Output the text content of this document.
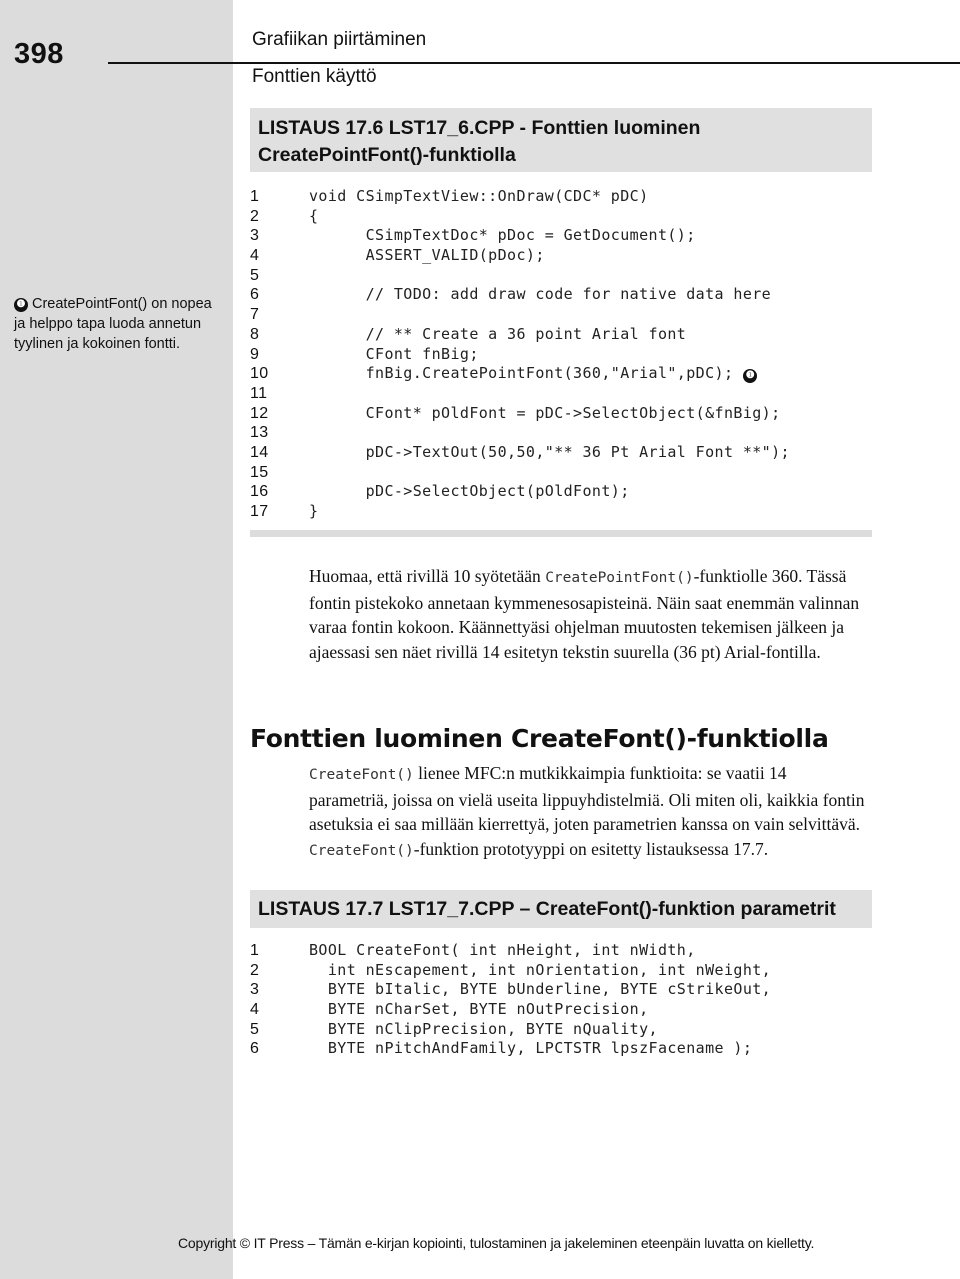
398	Grafiikan piirtäminen
Fonttien käyttö
❶ CreatePointFont() on nopea ja helppo tapa luoda annetun tyylinen ja kokoinen fontti.
LISTAUS 17.6 LST17_6.CPP - Fonttien luominen
CreatePointFont()-funktiolla
1	void CSimpTextView::OnDraw(CDC* pDC)
2	{
3	CSimpTextDoc* pDoc = GetDocument();
4	ASSERT_VALID(pDoc);
5
6	// TODO: add draw code for native data here
7
8	// ** Create a 36 point Arial font
9	CFont fnBig;
10	fnBig.CreatePointFont(360,"Arial",pDC); ❶
11
12	CFont* pOldFont = pDC->SelectObject(&fnBig);
13
14	pDC->TextOut(50,50,"** 36 Pt Arial Font **");
15
16	pDC->SelectObject(pOldFont);
17	}
Huomaa, että rivillä 10 syötetään CreatePointFont()-funktiolle 360. Tässä fontin pistekoko annetaan kymmenesosapisteinä. Näin saat enemmän valinnan varaa fontin kokoon. Käännettyäsi ohjelman muutosten tekemisen jälkeen ja ajaessasi sen näet rivillä 14 esitetyn tekstin suurella (36 pt) Arial-fontilla.
Fonttien luominen CreateFont()-funktiolla
CreateFont() lienee MFC:n mutkikkaimpia funktioita: se vaatii 14 parametriä, joissa on vielä useita lippuyhdistelmiä. Oli miten oli, kaikkia fontin asetuksia ei saa millään kierrettyä, joten parametrien kanssa on vain selvittävä. CreateFont()-funktion prototyyppi on esitetty listauksessa 17.7.
LISTAUS 17.7 LST17_7.CPP – CreateFont()-funktion parametrit
1	BOOL CreateFont( int nHeight, int nWidth,
2	int nEscapement, int nOrientation, int nWeight,
3	BYTE bItalic, BYTE bUnderline, BYTE cStrikeOut,
4	BYTE nCharSet, BYTE nOutPrecision,
5	BYTE nClipPrecision, BYTE nQuality,
6	BYTE nPitchAndFamily, LPCTSTR lpszFacename );
Copyright © IT Press – Tämän e-kirjan kopiointi, tulostaminen ja jakeleminen eteenpäin luvatta on kielletty.
